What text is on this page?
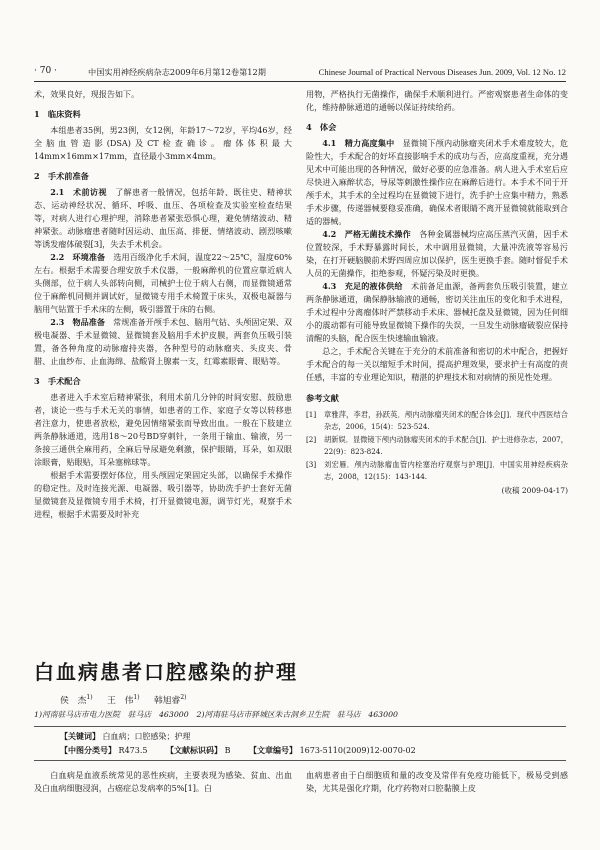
· 70 ·	中国实用神经疾病杂志2009年6月第12卷第12期	Chinese Journal of Practical Nervous Diseases Jun. 2009, Vol. 12 No. 12

术，效果良好，现报告如下。

1　临床资料

本组患者35例，男23例，女12例，年龄17～72岁，平均46岁，经全脑血管造影(DSA)及CT检查确诊。瘤体体积最大14mm×16mm×17mm，直径最小3mm×4mm。

2　手术前准备

2.1　术前访视　 了解患者一般情况，包括年龄、既往史、精神状态、运动神经状况、循环、呼吸、血压、各项检查及实验室检查结果等，对病人进行心理护理，消除患者紧张恐惧心理，避免情绪波动、精神紧张。动脉瘤患者随时因运动、血压高、排便、情绪波动、剧烈咳嗽等诱发瘤体破裂[3]，失去手术机会。

2.2　环境准备　 选用百级净化手术间，温度22～25℃，湿度60%左右。根据手术需要合理安放手术仪器，一般麻醉机的位置应靠近病人头侧部，位于病人头部转向侧，司械护士位于病人右侧，而显微镜通常位于麻醉机同侧并调试好，显微镜专用手术椅置于床头，双极电凝器与脑用气钻置于手术床的左侧，吸引器置于床的右侧。

2.3　物品准备　 常规准备开颅手术包、脑用气钻、头颅固定架、双极电凝器、手术显微镜、显微镜套及脑用手术护皮膜，两套负压吸引装置，备各种角度的动脉瘤持夹器，各种型号的动脉瘤夹、头皮夹、骨腊、止血纱布、止血海绵、盐酸肾上腺素一支，红霉素眼膏、眼贴等。

3　手术配合

患者进入手术室后精神紧张，利用术前几分钟的时间安慰、鼓励患者，谈论一些与手术无关的事情，如患者的工作、家庭子女等以转移患者注意力，使患者放松，避免因情绪紧张而导致出血。一般在下肢建立两条静脉通道，选用18～20号BD穿刺针，一条用于输血、输液，另一条接三通供全麻用药，全麻后导尿避免剩激，保护眼睛，耳朵，如双眼涂眼膏，贴眼贴，耳朵塞棉球等。

根据手术需要摆好体位，用头颅固定架固定头部，以确保手术操作的稳定性。及时连接光源、电凝器、吸引器等，协助洗手护士套好无菌显微镜套及显微镜专用手术椅，打开显微镜电源，调节灯光，观察手术进程，根据手术需要及时补充

用物，严格执行无菌操作，确保手术顺利进行。严密观察患者生命体的变化，维持静脉通道的通畅以保证持续给药。

4　体会

4.1　精力高度集中　 显微镜下颅内动脉瘤夹闭术手术难度较大，危险性大，手术配合的好坏直接影响手术的成功与否，应高度重视，充分遇见术中可能出现的各种情况，做好必要的应急准备。病人进入手术室后应尽快进入麻醉状态，导尿等刺激性操作应在麻醉后进行。本手术不同于开颅手术，其手术的全过程均在显微镜下进行，洗手护士应集中精力，熟悉手术步骤，传递器械要稳妥准确，确保术者眼睛不离开显微镜就能取到合适的器械。

4.2　严格无菌技术操作　 各种金属器械均应高压蒸汽灭菌，因手术位置较深，手术野暴露时间长，术中调用显微镜，大量冲洗液等容易污染，在打开硬脑膜前术野四周应加以保护，医生更换手套。随时督促手术人员的无菌操作，拒绝参观，怀疑污染及时更换。

4.3　充足的液体供给　 术前备足血源，备两套负压吸引装置，建立两条静脉通道，确保静脉输液的通畅，密切关注血压的变化和手术进程，手术过程中分离瘤体时严禁移动手术床、器械托盘及显微镜，因为任何细小的震动都有可能导致显微镜下操作的失误，一旦发生动脉瘤破裂应保持清醒的头脑，配合医生快速输血输液。

总之，手术配合关键在于充分的术前准备和密切的术中配合，把握好手术配合的每一关以缩短手术时间，提高护理效果，要求护士有高度的责任感，丰富的专业理论知识，精湛的护理技术和对病情的预见性处理。

参考文献
[1]	章雅萍，李君，孙跃英．颅内动脉瘤夹闭术的配合体会[J]．现代中西医结合杂志，2006，15(4)：523-524.
[2]	胡新娱．显微镜下颅内动脉瘤夹闭术的手术配合[J]．护士进修杂志，2007，22(9)：823-824.
[3]	刘宏雁．颅内动脉瘤血管内栓塞治疗观察与护理[J]．中国实用神经疾病杂志，2008，12(15)：143-144.
(收稿 2009-04-17)
白血病患者口腔感染的护理
侯　杰$^{1)}$ 　 王　伟$^{1)}$ 　 韩旭睿$^{2)}$
1)河南驻马店市电力医院　驻马店　463000　2)河南驻马店市驿城区朱古洞乡卫生院　驻马店　463000
【关键词】 白血病；口腔感染；护理
【中图分类号】 R473.5　　 【文献标识码】 B　　 【文章编号】 1673-5110(2009)12-0070-02

白血病是血液系统常见的恶性疾病，主要表现为感染、贫血、出血及白血病细胞浸润，占癌症总发病率的5%[1]。白

血病患者由于白细胞质和量的改变及常伴有免疫功能低下，极易受到感染，尤其是强化疗期，化疗药物对口腔黏膜上皮
